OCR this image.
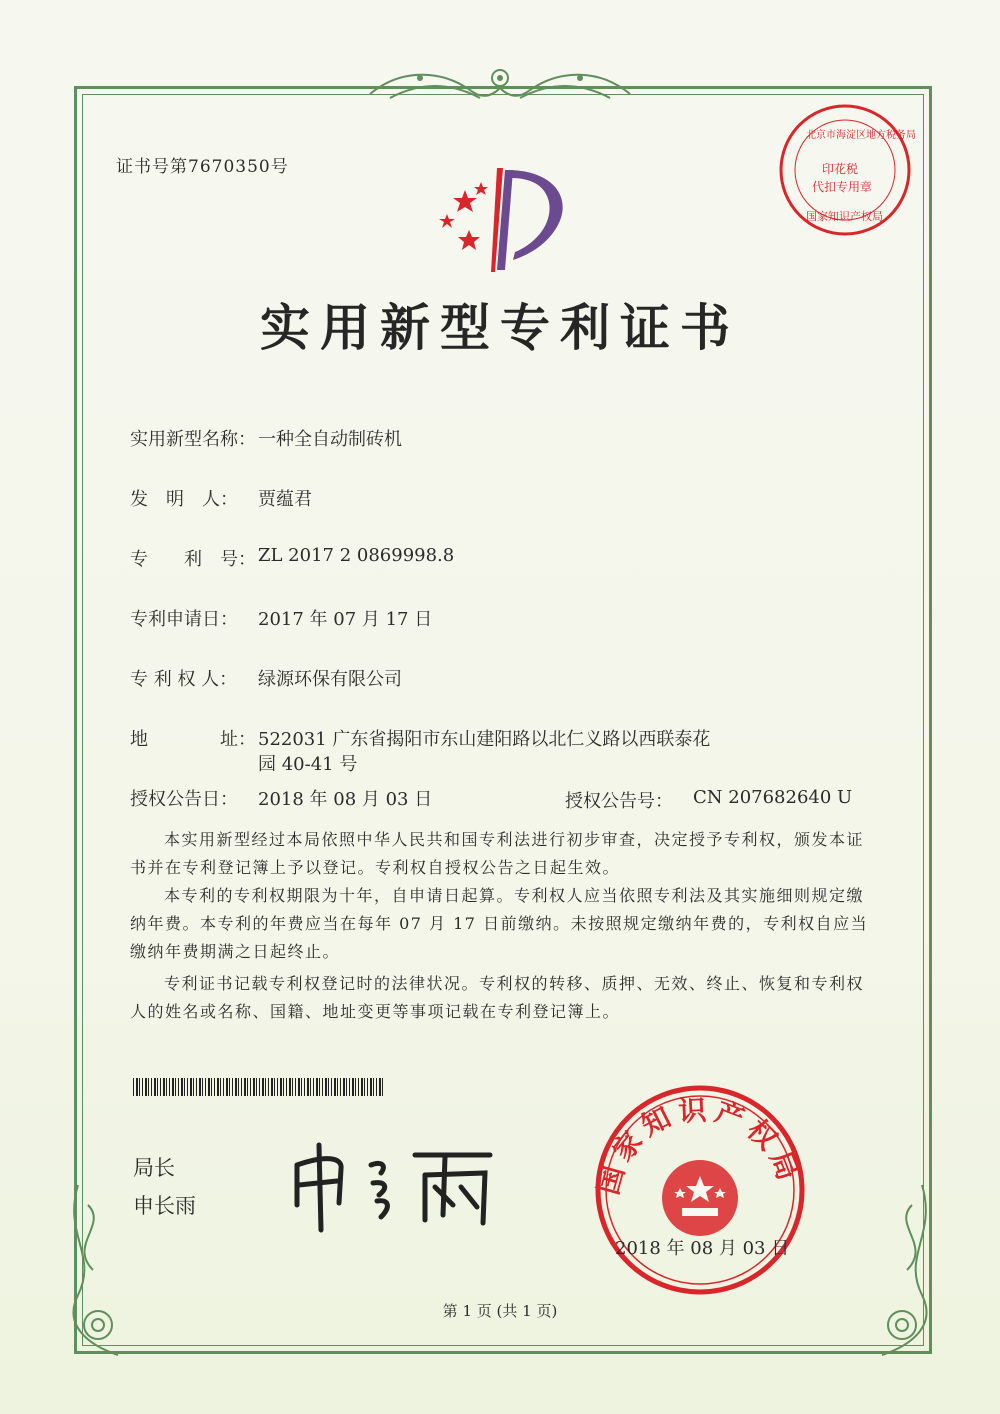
证书号第7670350号
实用新型专利证书
北京市海淀区地方税务局
印花税
代扣专用章
国家知识产权局
实用新型名称： 一种全自动制砖机
发　明　人： 贾蕴君
专　　利　号： ZL 2017 2 0869998.8
专利申请日： 2017 年 07 月 17 日
专 利 权 人： 绿源环保有限公司
地	址： 522031 广东省揭阳市东山建阳路以北仁义路以西联泰花
园 40-41 号
授权公告日： 2018 年 08 月 03 日	授权公告号： CN 207682640 U
本实用新型经过本局依照中华人民共和国专利法进行初步审查，决定授予专利权，颁发本证书并在专利登记簿上予以登记。专利权自授权公告之日起生效。
本专利的专利权期限为十年，自申请日起算。专利权人应当依照专利法及其实施细则规定缴纳年费。本专利的年费应当在每年 07 月 17 日前缴纳。未按照规定缴纳年费的，专利权自应当缴纳年费期满之日起终止。
专利证书记载专利权登记时的法律状况。专利权的转移、质押、无效、终止、恢复和专利权人的姓名或名称、国籍、地址变更等事项记载在专利登记簿上。
局长
申长雨
国家知识产权局
2018 年 08 月 03 日
第 1 页 (共 1 页)
